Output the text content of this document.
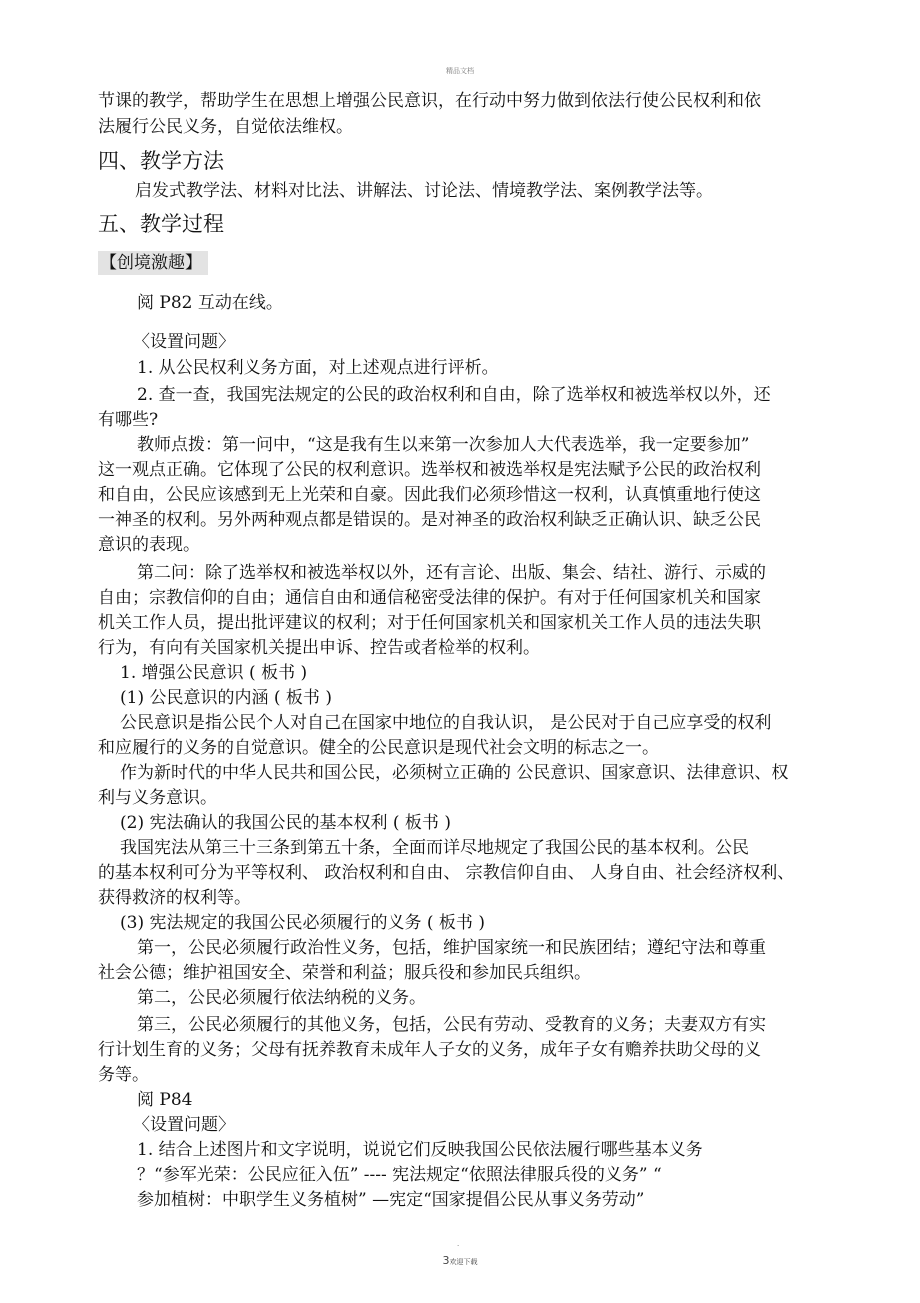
精品文档
节课的教学，帮助学生在思想上增强公民意识，在行动中努力做到依法行使公民权利和依
法履行公民义务，自觉依法维权。
四、教学方法
启发式教学法、材料对比法、讲解法、讨论法、情境教学法、案例教学法等。
五、教学过程
【创境激趣】
阅 P82 互动在线。
〈设置问题〉
1. 从公民权利义务方面，对上述观点进行评析。
2. 查一查，我国宪法规定的公民的政治权利和自由，除了选举权和被选举权以外，还
有哪些?
教师点拨：第一问中，“这是我有生以来第一次参加人大代表选举，我一定要参加”
这一观点正确。它体现了公民的权利意识。选举权和被选举权是宪法赋予公民的政治权利
和自由，公民应该感到无上光荣和自豪。因此我们必须珍惜这一权利，认真慎重地行使这
一神圣的权利。另外两种观点都是错误的。是对神圣的政治权利缺乏正确认识、缺乏公民
意识的表现。
第二问：除了选举权和被选举权以外，还有言论、出版、集会、结社、游行、示威的
自由；宗教信仰的自由；通信自由和通信秘密受法律的保护。有对于任何国家机关和国家
机关工作人员，提出批评建议的权利；对于任何国家机关和国家机关工作人员的违法失职
行为，有向有关国家机关提出申诉、控告或者检举的权利。
1. 增强公民意识 ( 板书 )
(1) 公民意识的内涵 ( 板书 )
公民意识是指公民个人对自己在国家中地位的自我认识， 是公民对于自己应享受的权利
和应履行的义务的自觉意识。健全的公民意识是现代社会文明的标志之一。
作为新时代的中华人民共和国公民，必须树立正确的 公民意识、国家意识、法律意识、权
利与义务意识。
(2) 宪法确认的我国公民的基本权利 ( 板书 )
我国宪法从第三十三条到第五十条，全面而详尽地规定了我国公民的基本权利。公民
的基本权利可分为平等权利、 政治权利和自由、 宗教信仰自由、 人身自由、社会经济权利、
获得救济的权利等。
(3) 宪法规定的我国公民必须履行的义务 ( 板书 )
第一，公民必须履行政治性义务，包括，维护国家统一和民族团结；遵纪守法和尊重
社会公德；维护祖国安全、荣誉和利益；服兵役和参加民兵组织。
第二，公民必须履行依法纳税的义务。
第三，公民必须履行的其他义务，包括，公民有劳动、受教育的义务；夫妻双方有实
行计划生育的义务；父母有抚养教育未成年人子女的义务，成年子女有赡养扶助父母的义
务等。
阅 P84
〈设置问题〉
1. 结合上述图片和文字说明，说说它们反映我国公民依法履行哪些基本义务
？“参军光荣：公民应征入伍” ---- 宪法规定“依照法律服兵役的义务” “
参加植树：中职学生义务植树” —宪定“国家提倡公民从事义务劳动”
.
3欢迎下载
